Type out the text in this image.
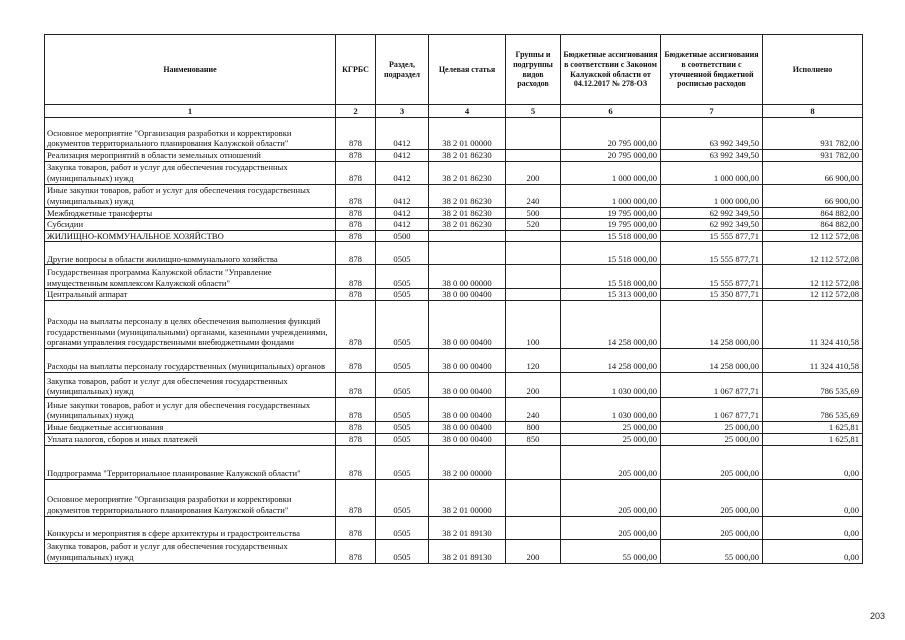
Наименование	КГРБС	Раздел, подраздел	Целевая статья	Группы и подгруппы видов расходов	Бюджетные ассигнования в соответствии с Законом Калужской области от 04.12.2017 № 278-ОЗ	Бюджетные ассигнования в соответствии с уточненной бюджетной росписью расходов	Исполнено
1	2	3	4	5	6	7	8
Основное мероприятие "Организация разработки и корректировки документов территориального планирования Калужской области"	878	0412	38 2 01 00000		20 795 000,00	63 992 349,50	931 782,00
Реализация мероприятий в области земельных отношений	878	0412	38 2 01 86230		20 795 000,00	63 992 349,50	931 782,00
Закупка товаров, работ и услуг для обеспечения государственных (муниципальных) нужд	878	0412	38 2 01 86230	200	1 000 000,00	1 000 000,00	66 900,00
Иные закупки товаров, работ и услуг для обеспечения государственных (муниципальных) нужд	878	0412	38 2 01 86230	240	1 000 000,00	1 000 000,00	66 900,00
Межбюджетные трансферты	878	0412	38 2 01 86230	500	19 795 000,00	62 992 349,50	864 882,00
Субсидии	878	0412	38 2 01 86230	520	19 795 000,00	62 992 349,50	864 882,00
ЖИЛИЩНО-КОММУНАЛЬНОЕ ХОЗЯЙСТВО	878	0500			15 518 000,00	15 555 877,71	12 112 572,08
Другие вопросы в области жилищно-коммунального хозяйства	878	0505			15 518 000,00	15 555 877,71	12 112 572,08
Государственная программа Калужской области "Управление имущественным комплексом Калужской области"	878	0505	38 0 00 00000		15 518 000,00	15 555 877,71	12 112 572,08
Центральный аппарат	878	0505	38 0 00 00400		15 313 000,00	15 350 877,71	12 112 572,08
Расходы на выплаты персоналу в целях обеспечения выполнения функций государственными (муниципальными) органами, казенными учреждениями, органами управления государственными внебюджетными фондами	878	0505	38 0 00 00400	100	14 258 000,00	14 258 000,00	11 324 410,58
Расходы на выплаты персоналу государственных (муниципальных) органов	878	0505	38 0 00 00400	120	14 258 000,00	14 258 000,00	11 324 410,58
Закупка товаров, работ и услуг для обеспечения государственных (муниципальных) нужд	878	0505	38 0 00 00400	200	1 030 000,00	1 067 877,71	786 535,69
Иные закупки товаров, работ и услуг для обеспечения государственных (муниципальных) нужд	878	0505	38 0 00 00400	240	1 030 000,00	1 067 877,71	786 535,69
Иные бюджетные ассигнования	878	0505	38 0 00 00400	800	25 000,00	25 000,00	1 625,81
Уплата налогов, сборов и иных платежей	878	0505	38 0 00 00400	850	25 000,00	25 000,00	1 625,81
Подпрограмма "Территориальное планирование Калужской области"	878	0505	38 2 00 00000		205 000,00	205 000,00	0,00
Основное мероприятие "Организация разработки и корректировки документов территориального планирования Калужской области"	878	0505	38 2 01 00000		205 000,00	205 000,00	0,00
Конкурсы и мероприятия в сфере архитектуры и градостроительства	878	0505	38 2 01 89130		205 000,00	205 000,00	0,00
Закупка товаров, работ и услуг для обеспечения государственных (муниципальных) нужд	878	0505	38 2 01 89130	200	55 000,00	55 000,00	0,00
203
